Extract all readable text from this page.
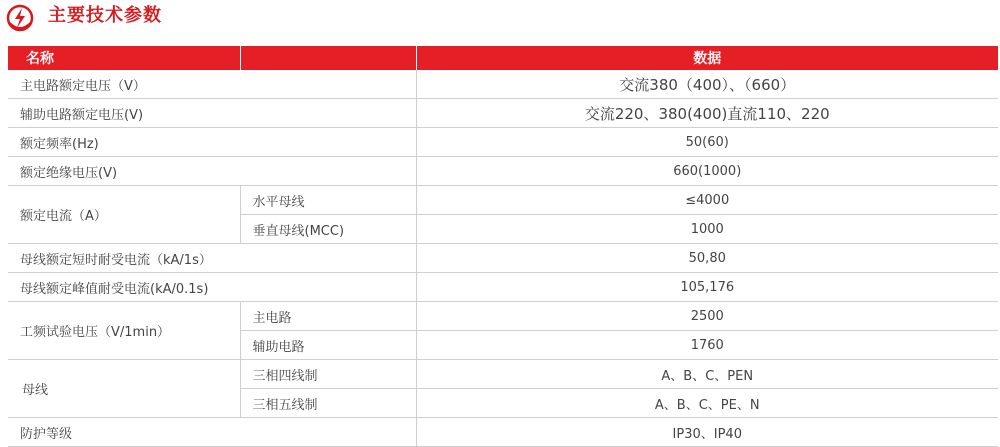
主要技术参数
名称		数据
主电路额定电压（V）		交流380（400）、（660）
辅助电路额定电压(V)		交流220、380(400)直流110、220
额定频率(Hz)		50(60)
额定绝缘电压(V)		660(1000)
额定电流（A）	水平母线	≤4000
	垂直母线(MCC)	1000
母线额定短时耐受电流（kA/1s）		50,80
母线额定峰值耐受电流(kA/0.1s)		105,176
工频试验电压（V/1min）	主电路	2500
	辅助电路	1760
母线	三相四线制	A、B、C、PEN
	三相五线制	A、B、C、PE、N
防护等级		IP30、IP40
